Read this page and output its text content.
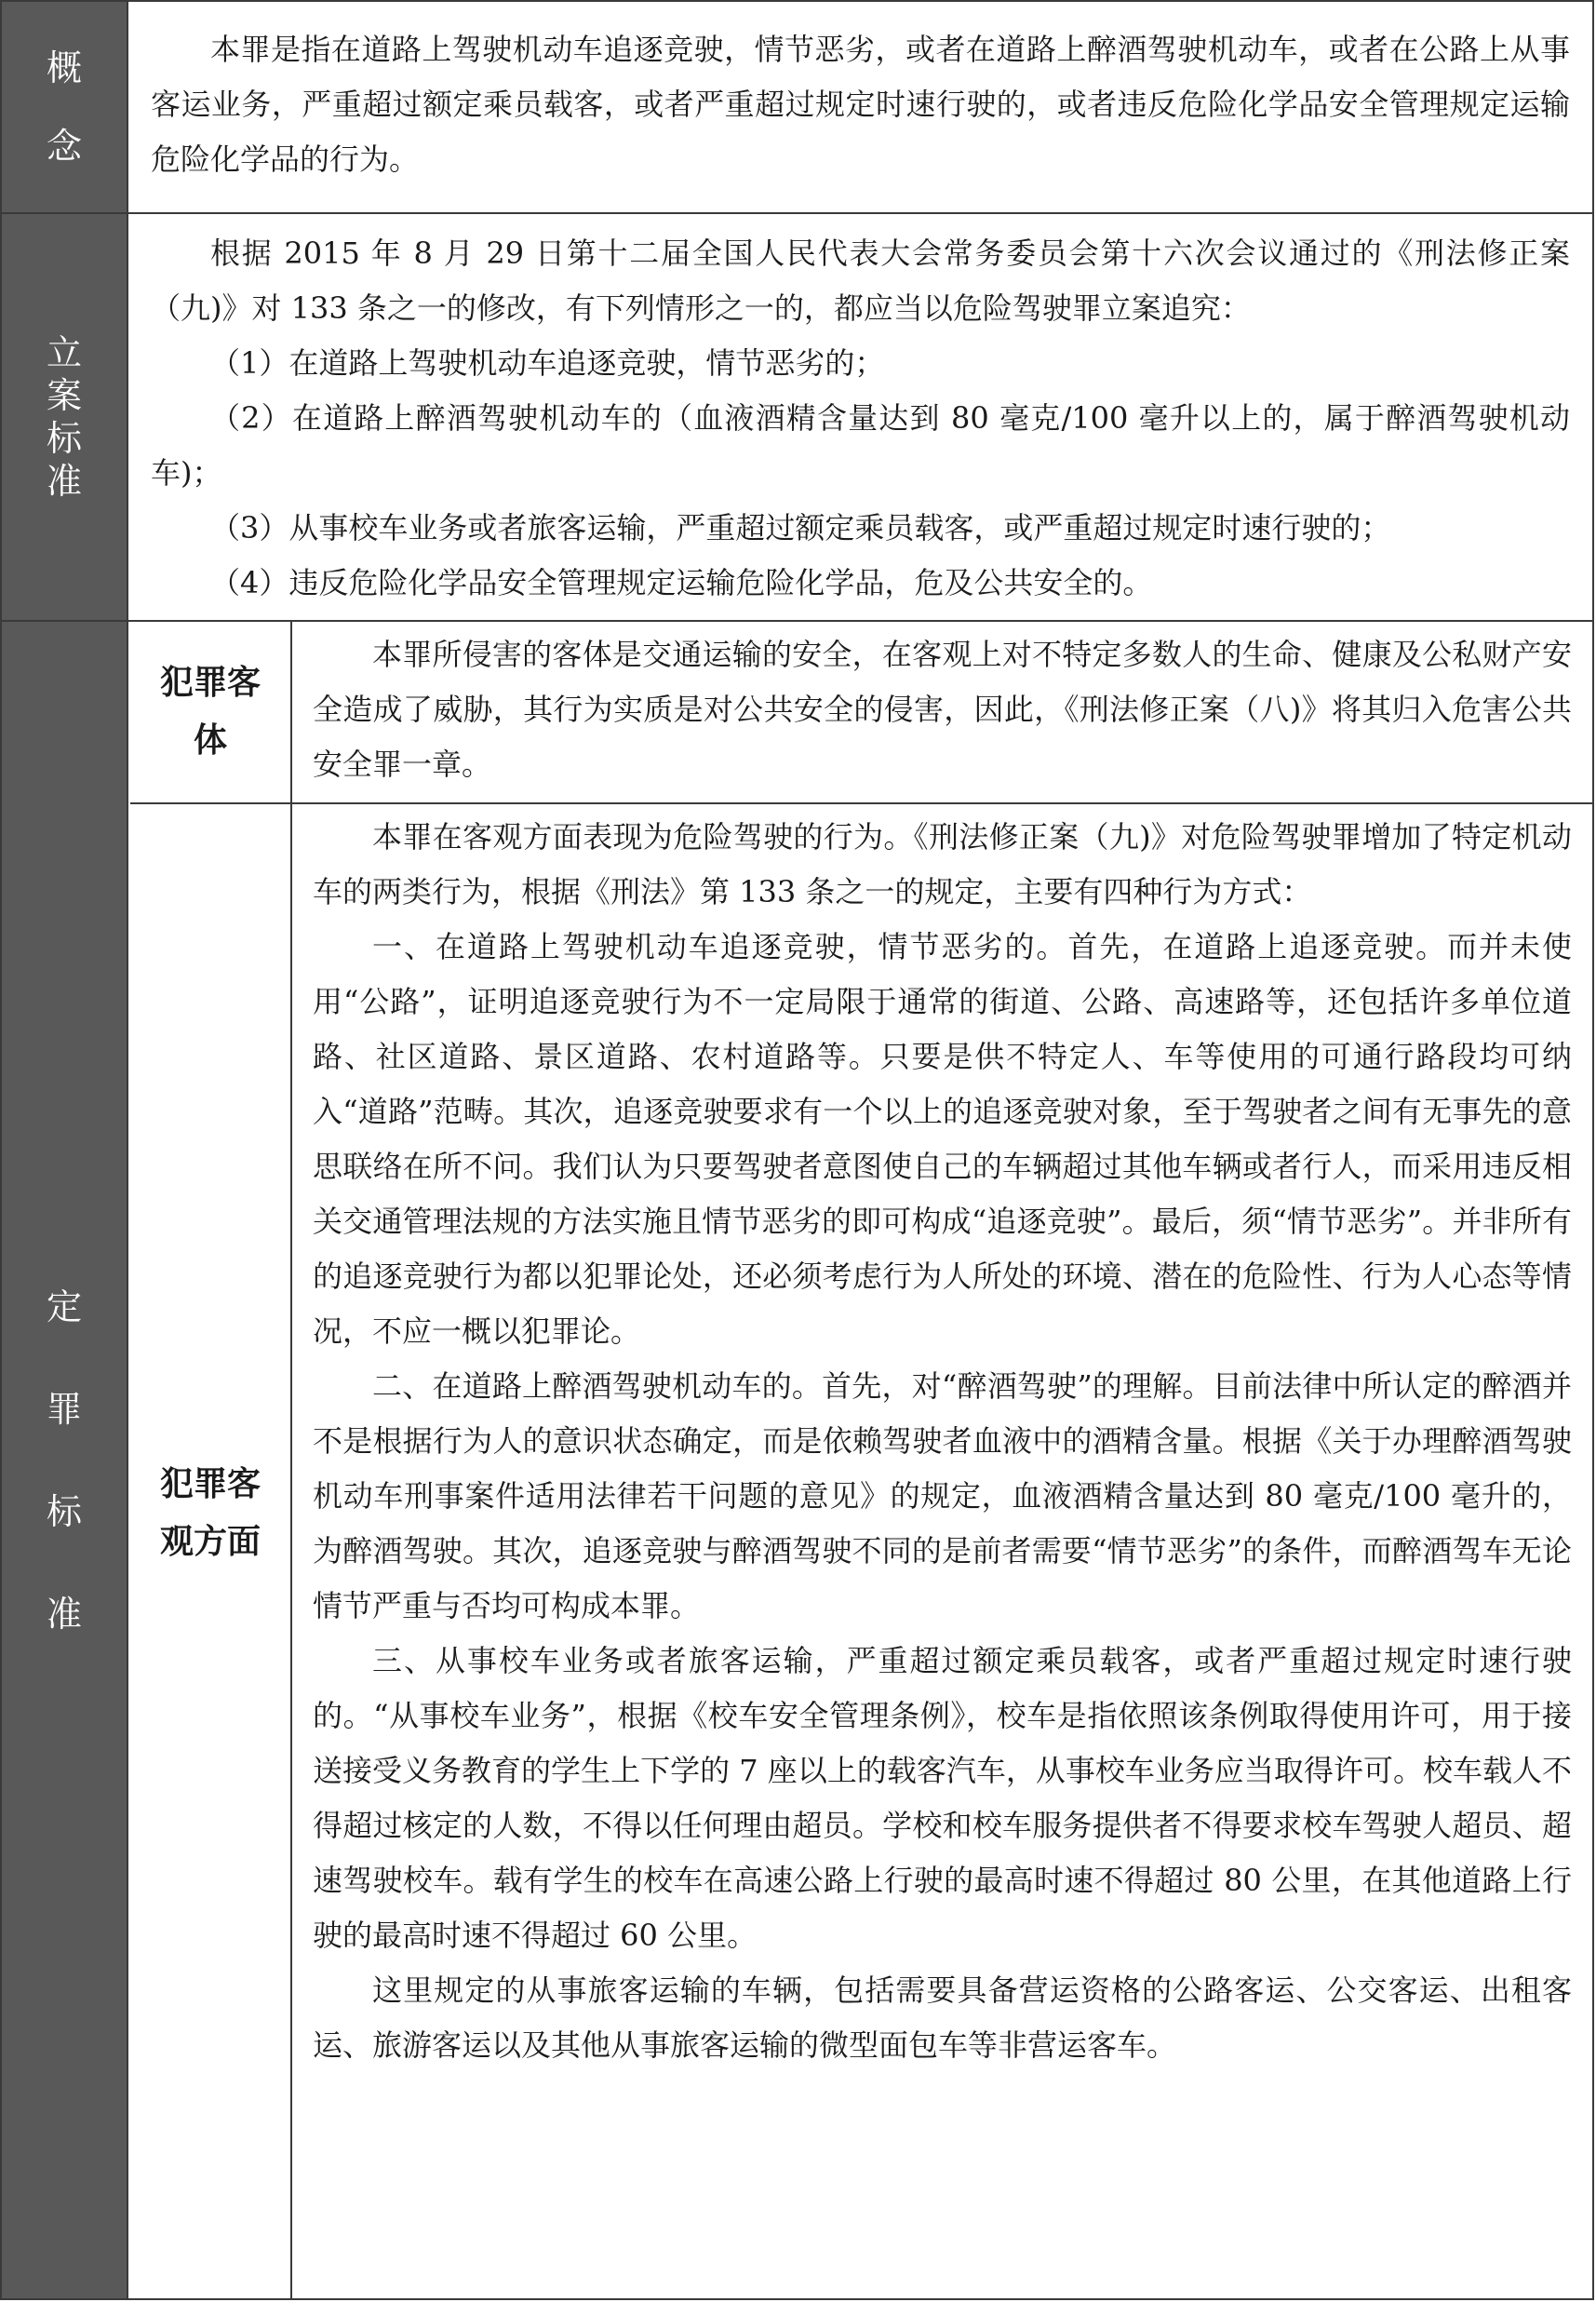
概
念

本罪是指在道路上驾驶机动车追逐竞驶，情节恶劣，或者在道路上醉酒驾驶机动车，或者在公路上从事客运业务，严重超过额定乘员载客，或者严重超过规定时速行驶的，或者违反危险化学品安全管理规定运输危险化学品的行为。

立
案
标
准

根据 2015 年 8 月 29 日第十二届全国人民代表大会常务委员会第十六次会议通过的《刑法修正案（九)》对 133 条之一的修改，有下列情形之一的，都应当以危险驾驶罪立案追究：

（1）在道路上驾驶机动车追逐竞驶，情节恶劣的；

（2）在道路上醉酒驾驶机动车的（血液酒精含量达到 80 毫克/100 毫升以上的，属于醉酒驾驶机动车)；

（3）从事校车业务或者旅客运输，严重超过额定乘员载客，或严重超过规定时速行驶的；

（4）违反危险化学品安全管理规定运输危险化学品，危及公共安全的。

定
罪
标
准
犯罪客体

本罪所侵害的客体是交通运输的安全，在客观上对不特定多数人的生命、健康及公私财产安全造成了威胁，其行为实质是对公共安全的侵害，因此，《刑法修正案（八)》将其归入危害公共安全罪一章。

犯罪客观方面

本罪在客观方面表现为危险驾驶的行为。《刑法修正案（九)》对危险驾驶罪增加了特定机动车的两类行为，根据《刑法》第 133 条之一的规定，主要有四种行为方式：

一、在道路上驾驶机动车追逐竞驶，情节恶劣的。首先，在道路上追逐竞驶。而并未使用“公路”，证明追逐竞驶行为不一定局限于通常的街道、公路、高速路等，还包括许多单位道路、社区道路、景区道路、农村道路等。只要是供不特定人、车等使用的可通行路段均可纳入“道路”范畴。其次，追逐竞驶要求有一个以上的追逐竞驶对象，至于驾驶者之间有无事先的意思联络在所不问。我们认为只要驾驶者意图使自己的车辆超过其他车辆或者行人，而采用违反相关交通管理法规的方法实施且情节恶劣的即可构成“追逐竞驶”。最后，须“情节恶劣”。并非所有的追逐竞驶行为都以犯罪论处，还必须考虑行为人所处的环境、潜在的危险性、行为人心态等情况，不应一概以犯罪论。

二、在道路上醉酒驾驶机动车的。首先，对“醉酒驾驶”的理解。目前法律中所认定的醉酒并不是根据行为人的意识状态确定，而是依赖驾驶者血液中的酒精含量。根据《关于办理醉酒驾驶机动车刑事案件适用法律若干问题的意见》的规定，血液酒精含量达到 80 毫克/100 毫升的，为醉酒驾驶。其次，追逐竞驶与醉酒驾驶不同的是前者需要“情节恶劣”的条件，而醉酒驾车无论情节严重与否均可构成本罪。

三、从事校车业务或者旅客运输，严重超过额定乘员载客，或者严重超过规定时速行驶的。“从事校车业务”，根据《校车安全管理条例》，校车是指依照该条例取得使用许可，用于接送接受义务教育的学生上下学的 7 座以上的载客汽车，从事校车业务应当取得许可。校车载人不得超过核定的人数，不得以任何理由超员。学校和校车服务提供者不得要求校车驾驶人超员、超速驾驶校车。载有学生的校车在高速公路上行驶的最高时速不得超过 80 公里，在其他道路上行驶的最高时速不得超过 60 公里。

这里规定的从事旅客运输的车辆，包括需要具备营运资格的公路客运、公交客运、出租客运、旅游客运以及其他从事旅客运输的微型面包车等非营运客车。
